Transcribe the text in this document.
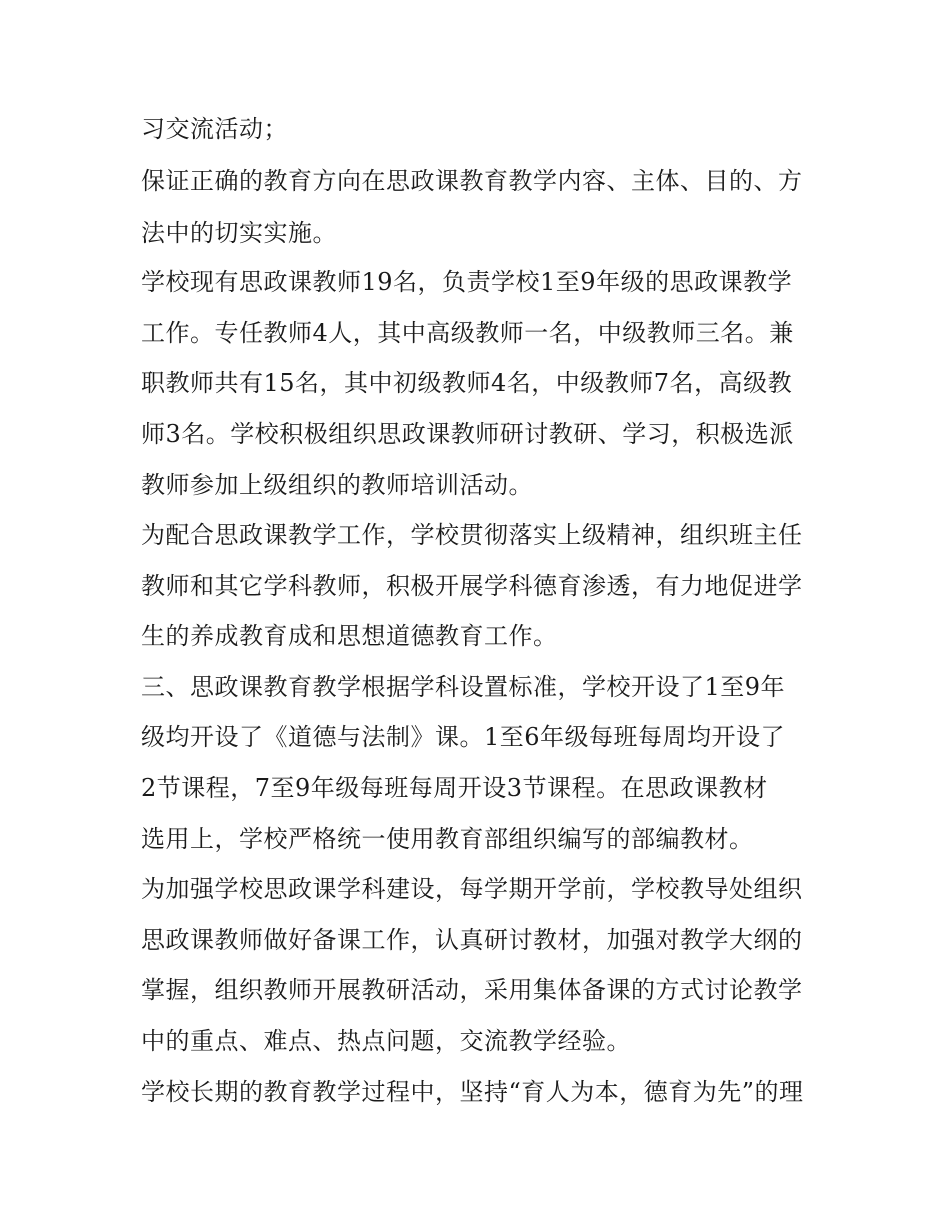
习交流活动；
保证正确的教育方向在思政课教育教学内容、主体、目的、方
法中的切实实施。
学校现有思政课教师19名，负责学校1至9年级的思政课教学
工作。专任教师4人，其中高级教师一名，中级教师三名。兼
职教师共有15名，其中初级教师4名，中级教师7名，高级教
师3名。学校积极组织思政课教师研讨教研、学习，积极选派
教师参加上级组织的教师培训活动。
为配合思政课教学工作，学校贯彻落实上级精神，组织班主任
教师和其它学科教师，积极开展学科德育渗透，有力地促进学
生的养成教育成和思想道德教育工作。
三、思政课教育教学根据学科设置标准，学校开设了1至9年
级均开设了《道德与法制》课。1至6年级每班每周均开设了
2节课程，7至9年级每班每周开设3节课程。在思政课教材
选用上，学校严格统一使用教育部组织编写的部编教材。
为加强学校思政课学科建设，每学期开学前，学校教导处组织
思政课教师做好备课工作，认真研讨教材，加强对教学大纲的
掌握，组织教师开展教研活动，采用集体备课的方式讨论教学
中的重点、难点、热点问题，交流教学经验。
学校长期的教育教学过程中，坚持“育人为本，德育为先”的理
